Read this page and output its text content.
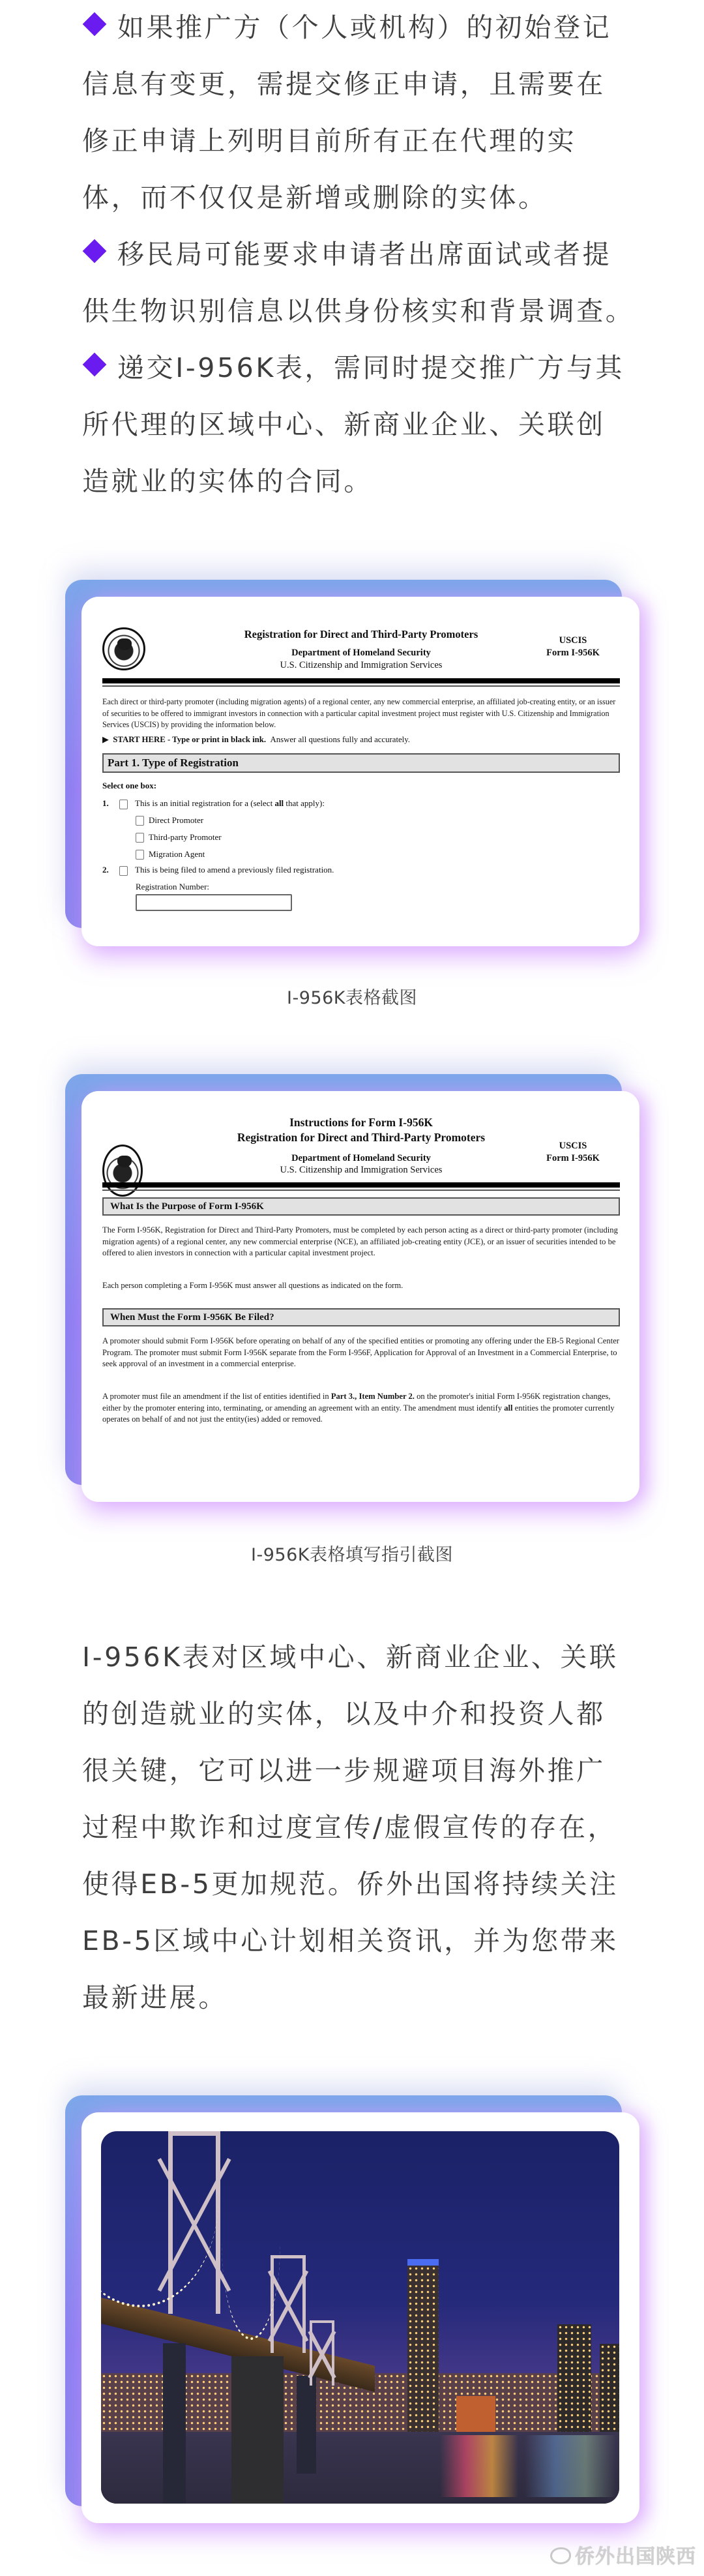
如果推广方（个人或机构）的初始登记
信息有变更，需提交修正申请，且需要在
修正申请上列明目前所有正在代理的实
体，而不仅仅是新增或删除的实体。
移民局可能要求申请者出席面试或者提
供生物识别信息以供身份核实和背景调查。
递交I-956K表，需同时提交推广方与其
所代理的区域中心、新商业企业、关联创
造就业的实体的合同。
Registration for Direct and Third-Party Promoters
Department of Homeland Security
U.S. Citizenship and Immigration Services
USCIS
Form I-956K
Each direct or third-party promoter (including migration agents) of a regional center, any new commercial enterprise, an affiliated job-creating entity, or an issuer of securities to be offered to immigrant investors in connection with a particular capital investment project must register with U.S. Citizenship and Immigration Services (USCIS) by providing the information below.
▶  START HERE - Type or print in black ink. Answer all questions fully and accurately.
Part 1. Type of Registration
Select one box:
1.	This is an initial registration for a (select all that apply):
Direct Promoter
Third-party Promoter
Migration Agent
2.	This is being filed to amend a previously filed registration.
Registration Number:
I-956K表格截图
Instructions for Form I-956K
Registration for Direct and Third-Party Promoters
Department of Homeland Security
U.S. Citizenship and Immigration Services
USCIS
Form I-956K
What Is the Purpose of Form I-956K
The Form I-956K, Registration for Direct and Third-Party Promoters, must be completed by each person acting as a direct or third-party promoter (including migration agents) of a regional center, any new commercial enterprise (NCE), an affiliated job-creating entity (JCE), or an issuer of securities intended to be offered to alien investors in connection with a particular capital investment project.
Each person completing a Form I-956K must answer all questions as indicated on the form.
When Must the Form I-956K Be Filed?
A promoter should submit Form I-956K before operating on behalf of any of the specified entities or promoting any offering under the EB-5 Regional Center Program. The promoter must submit Form I-956K separate from the Form I-956F, Application for Approval of an Investment in a Commercial Enterprise, to seek approval of an investment in a commercial enterprise.
A promoter must file an amendment if the list of entities identified in Part 3., Item Number 2. on the promoter's initial Form I-956K registration changes, either by the promoter entering into, terminating, or amending an agreement with an entity. The amendment must identify all entities the promoter currently operates on behalf of and not just the entity(ies) added or removed.
I-956K表格填写指引截图
I-956K表对区域中心、新商业企业、关联
的创造就业的实体，以及中介和投资人都
很关键，它可以进一步规避项目海外推广
过程中欺诈和过度宣传/虚假宣传的存在，
使得EB-5更加规范。侨外出国将持续关注
EB-5区域中心计划相关资讯，并为您带来
最新进展。
侨外出国陕西
